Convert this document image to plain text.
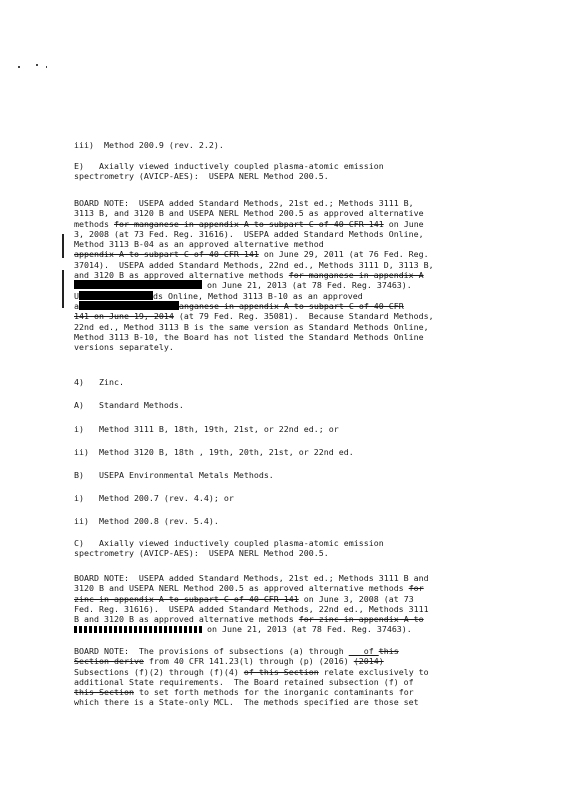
iii)  Method 200.9 (rev. 2.2).
E)   Axially viewed inductively coupled plasma-atomic emission
spectrometry (AVICP-AES):  USEPA NERL Method 200.5.
BOARD NOTE:  USEPA added Standard Methods, 21st ed.; Methods 3111 B,
3113 B, and 3120 B and USEPA NERL Method 200.5 as approved alternative
methods for manganese in appendix A to subpart C of 40 CFR 141 on June
3, 2008 (at 73 Fed. Reg. 31616).  USEPA added Standard Methods Online,
Method 3113 B-04 as an approved alternative method
appendix A to subpart C of 40 CFR 141 on June 29, 2011 (at 76 Fed. Reg.
37014).  USEPA added Standard Methods, 22nd ed., Methods 3111 D, 3113 B,
and 3120 B as approved alternative methods for manganese in appendix A
on June 21, 2013 (at 78 Fed. Reg. 37463).
U	ds Online, Method 3113 B-10 as an approved
a	anganese in appendix A to subpart C of 40 CFR
141 on June 19, 2014 (at 79 Fed. Reg. 35081).  Because Standard Methods,
22nd ed., Method 3113 B is the same version as Standard Methods Online,
Method 3113 B-10, the Board has not listed the Standard Methods Online
versions separately.
4)   Zinc.
A)   Standard Methods.
i)   Method 3111 B, 18th, 19th, 21st, or 22nd ed.; or
ii)  Method 3120 B, 18th , 19th, 20th, 21st, or 22nd ed.
B)   USEPA Environmental Metals Methods.
i)   Method 200.7 (rev. 4.4); or
ii)  Method 200.8 (rev. 5.4).
C)   Axially viewed inductively coupled plasma-atomic emission
spectrometry (AVICP-AES):  USEPA NERL Method 200.5.
BOARD NOTE:  USEPA added Standard Methods, 21st ed.; Methods 3111 B and
3120 B and USEPA NERL Method 200.5 as approved alternative methods for
zinc in appendix A to subpart C of 40 CFR 141 on June 3, 2008 (at 73
Fed. Reg. 31616).  USEPA added Standard Methods, 22nd ed., Methods 3111
B and 3120 B as approved alternative methods for zinc in appendix A to
on June 21, 2013 (at 78 Fed. Reg. 37463).
BOARD NOTE:  The provisions of subsections (a) through    of this
Section derive from 40 CFR 141.23(l) through (p) (2016) (2014)
Subsections (f)(2) through (f)(4) of this Section relate exclusively to
additional State requirements.  The Board retained subsection (f) of
this Section to set forth methods for the inorganic contaminants for
which there is a State-only MCL.  The methods specified are those set
